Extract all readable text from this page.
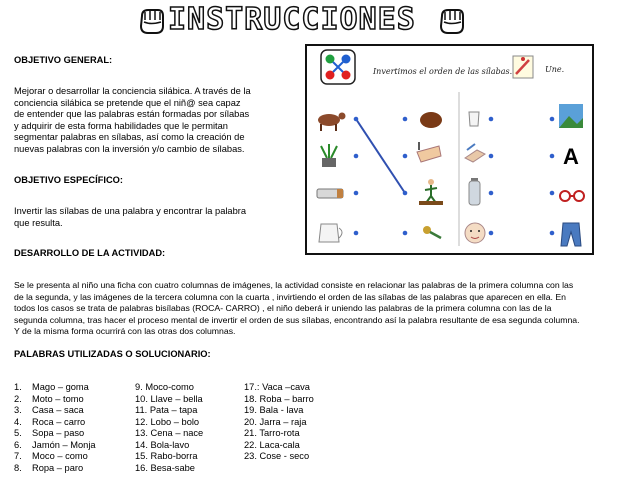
INSTRUCCIONES
OBJETIVO GENERAL:
Mejorar o desarrollar la conciencia silábica. A través de la
conciencia silábica se pretende que el niñ@ sea capaz
de entender que las palabras están formadas por sílabas
y adquirir de esta forma habilidades que le permitan
segmentar palabras en sílabas, así como la creación de
nuevas palabras con la inversión y/o cambio de sílabas.
OBJETIVO ESPECÍFICO:
Invertir las sílabas de una palabra y encontrar la palabra
que resulta.
DESARROLLO DE LA ACTIVIDAD:
Se le presenta al niño una ficha con cuatro columnas de imágenes, la actividad consiste en relacionar las palabras de la primera columna con las
de la segunda, y las imágenes de la tercera columna con la cuarta , invirtiendo el orden de las sílabas de las palabras que aparecen en ella. En
todos los casos se trata de palabras bisílabas (ROCA- CARRO) , el niño deberá ir uniendo las palabras de la primera columna con las de la
segunda columna, tras hacer el proceso mental de invertir el orden de sus sílabas, encontrando así la palabra resultante de esa segunda columna.
Y de la misma forma ocurrirá con las otras dos columnas.
PALABRAS UTILIZADAS O SOLUCIONARIO:
1. Mago – goma
2. Moto – tomo
3. Casa – saca
4. Roca – carro
5. Sopa – paso
6. Jamón – Monja
7. Moco – como
8. Ropa – paro
9. Moco-como
10. Llave – bella
11. Pata – tapa
12. Lobo – bolo
13. Cena – nace
14. Bola-lavo
15. Rabo-borra
16. Besa-sabe
17.: Vaca –cava
18. Roba – barro
19. Bala - lava
20. Jarra – raja
21. Tarro-rota
22. Laca-cala
23. Cose - seco
Invertimos el orden de las sílabas.	Une.
A
